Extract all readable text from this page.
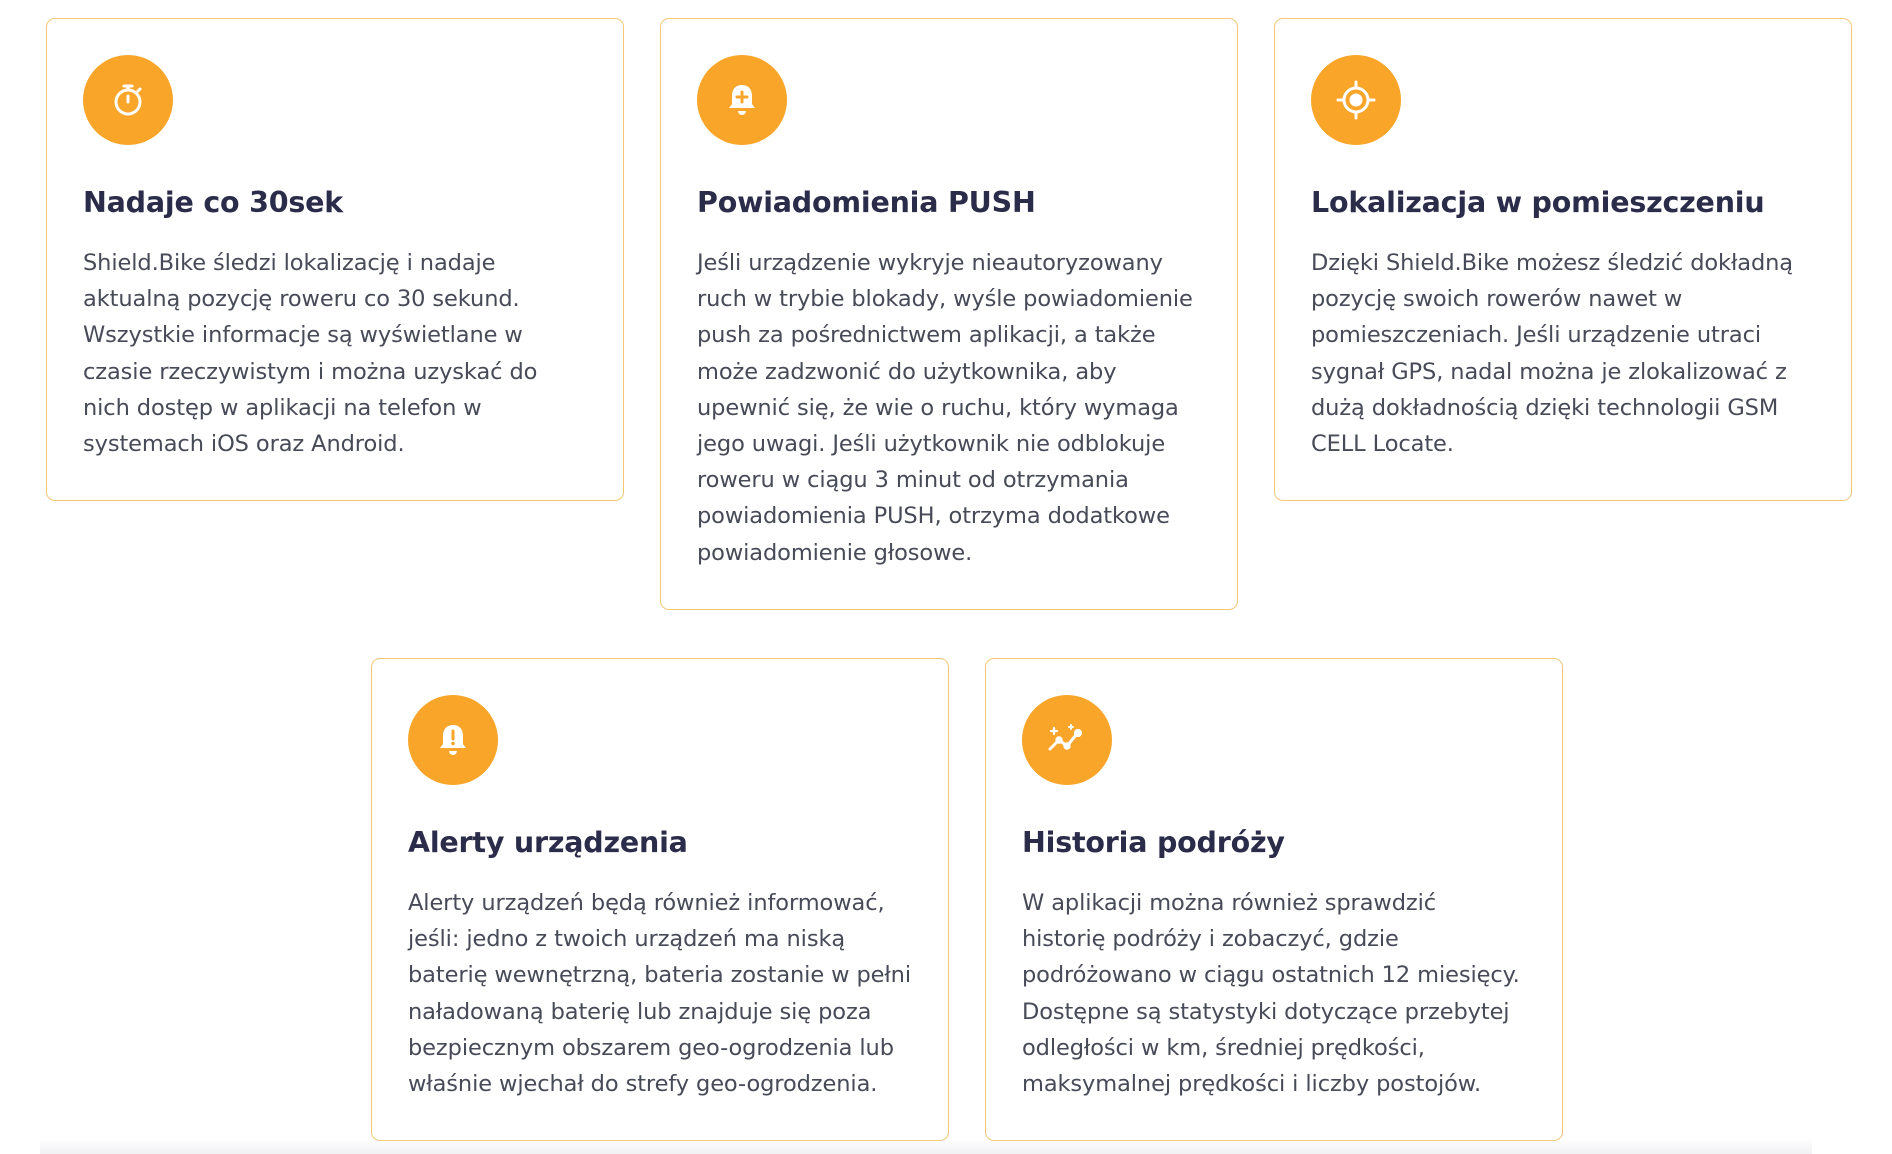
Nadaje co 30sek

Shield.Bike śledzi lokalizację i nadaje aktualną pozycję roweru co 30 sekund. Wszystkie informacje są wyświetlane w czasie rzeczywistym i można uzyskać do nich dostęp w aplikacji na telefon w systemach iOS oraz Android.

Powiadomienia PUSH

Jeśli urządzenie wykryje nieautoryzowany ruch w trybie blokady, wyśle powiadomienie push za pośrednictwem aplikacji, a także może zadzwonić do użytkownika, aby upewnić się, że wie o ruchu, który wymaga jego uwagi. Jeśli użytkownik nie odblokuje roweru w ciągu 3 minut od otrzymania powiadomienia PUSH, otrzyma dodatkowe powiadomienie głosowe.

Lokalizacja w pomieszczeniu

Dzięki Shield.Bike możesz śledzić dokładną pozycję swoich rowerów nawet w pomieszczeniach. Jeśli urządzenie utraci sygnał GPS, nadal można je zlokalizować z dużą dokładnością dzięki technologii GSM CELL Locate.

Alerty urządzenia

Alerty urządzeń będą również informować, jeśli: jedno z twoich urządzeń ma niską baterię wewnętrzną, bateria zostanie w pełni naładowaną baterię lub znajduje się poza bezpiecznym obszarem geo-ogrodzenia lub właśnie wjechał do strefy geo-ogrodzenia.

Historia podróży

W aplikacji można również sprawdzić historię podróży i zobaczyć, gdzie podróżowano w ciągu ostatnich 12 miesięcy. Dostępne są statystyki dotyczące przebytej odległości w km, średniej prędkości, maksymalnej prędkości i liczby postojów.
